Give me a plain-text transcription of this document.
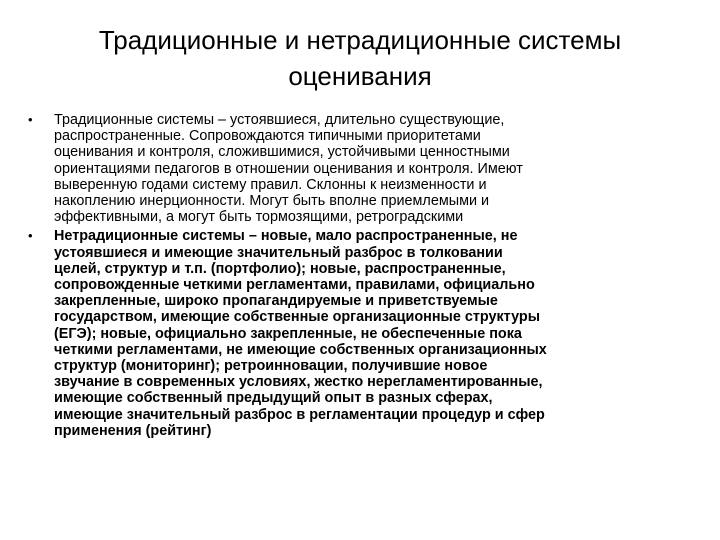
Традиционные и нетрадиционные системы
оценивания
• Традиционные системы – устоявшиеся, длительно существующие,
распространенные. Сопровождаются типичными приоритетами
оценивания и контроля, сложившимися, устойчивыми ценностными
ориентациями педагогов в отношении оценивания и контроля. Имеют
выверенную годами систему правил. Склонны к неизменности и
накоплению инерционности. Могут быть вполне приемлемыми и
эффективными, а могут быть тормозящими, ретроградскими
• Нетрадиционные системы – новые, мало распространенные, не
устоявшиеся и имеющие значительный разброс в толковании
целей, структур и т.п. (портфолио); новые, распространенные,
сопровожденные четкими регламентами, правилами, официально
закрепленные, широко пропагандируемые и приветствуемые
государством, имеющие собственные организационные структуры
(ЕГЭ); новые, официально закрепленные, не обеспеченные пока
четкими регламентами, не имеющие собственных организационных
структур (мониторинг); ретроинновации, получившие новое
звучание в современных условиях, жестко нерегламентированные,
имеющие собственный предыдущий опыт в разных сферах,
имеющие значительный разброс в регламентации процедур и сфер
применения (рейтинг)
